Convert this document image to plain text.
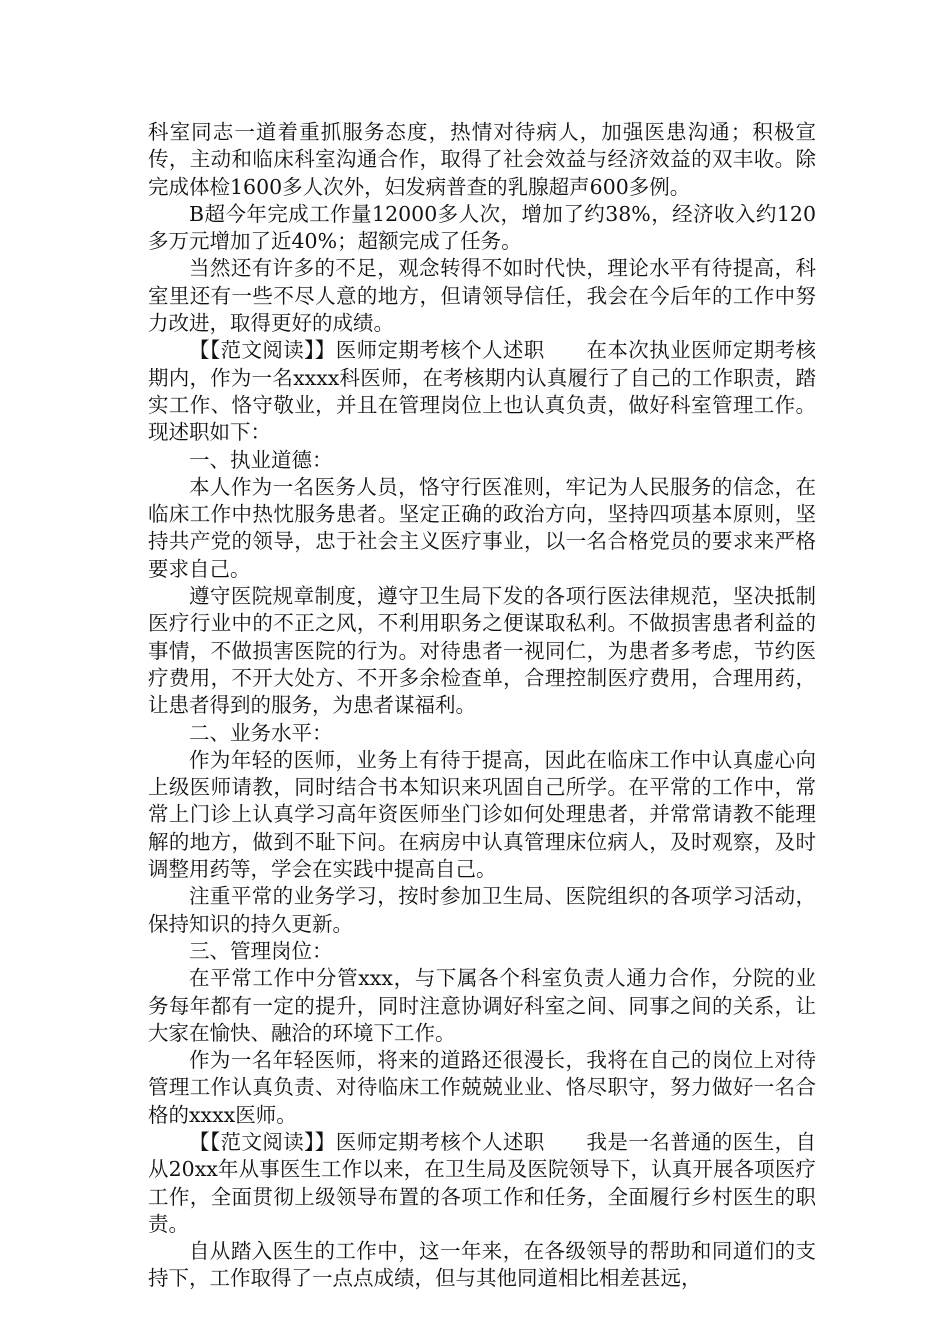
科室同志一道着重抓服务态度，热情对待病人，加强医患沟通；积极宣传，主动和临床科室沟通合作，取得了社会效益与经济效益的双丰收。除完成体检1600多人次外，妇发病普查的乳腺超声600多例。

B超今年完成工作量12000多人次，增加了约38%，经济收入约120多万元增加了近40%；超额完成了任务。

当然还有许多的不足，观念转得不如时代快，理论水平有待提高，科室里还有一些不尽人意的地方，但请领导信任，我会在今后年的工作中努力改进，取得更好的成绩。

【【范文阅读】】医师定期考核个人述职　　在本次执业医师定期考核期内，作为一名xxxx科医师，在考核期内认真履行了自己的工作职责，踏实工作、恪守敬业，并且在管理岗位上也认真负责，做好科室管理工作。现述职如下：

一、执业道德：

本人作为一名医务人员，恪守行医准则，牢记为人民服务的信念，在临床工作中热忱服务患者。坚定正确的政治方向，坚持四项基本原则，坚持共产党的领导，忠于社会主义医疗事业，以一名合格党员的要求来严格要求自己。

遵守医院规章制度，遵守卫生局下发的各项行医法律规范，坚决抵制医疗行业中的不正之风，不利用职务之便谋取私利。不做损害患者利益的事情，不做损害医院的行为。对待患者一视同仁，为患者多考虑，节约医疗费用，不开大处方、不开多余检查单，合理控制医疗费用，合理用药，让患者得到的服务，为患者谋福利。

二、业务水平：

作为年轻的医师，业务上有待于提高，因此在临床工作中认真虚心向上级医师请教，同时结合书本知识来巩固自己所学。在平常的工作中，常常上门诊上认真学习高年资医师坐门诊如何处理患者，并常常请教不能理解的地方，做到不耻下问。在病房中认真管理床位病人，及时观察，及时调整用药等，学会在实践中提高自己。

注重平常的业务学习，按时参加卫生局、医院组织的各项学习活动，保持知识的持久更新。

三、管理岗位：

在平常工作中分管xxx，与下属各个科室负责人通力合作，分院的业务每年都有一定的提升，同时注意协调好科室之间、同事之间的关系，让大家在愉快、融洽的环境下工作。

作为一名年轻医师，将来的道路还很漫长，我将在自己的岗位上对待管理工作认真负责、对待临床工作兢兢业业、恪尽职守，努力做好一名合格的xxxx医师。

【【范文阅读】】医师定期考核个人述职　　我是一名普通的医生，自从20xx年从事医生工作以来，在卫生局及医院领导下，认真开展各项医疗工作，全面贯彻上级领导布置的各项工作和任务，全面履行乡村医生的职责。

自从踏入医生的工作中，这一年来，在各级领导的帮助和同道们的支持下，工作取得了一点点成绩，但与其他同道相比相差甚远，
